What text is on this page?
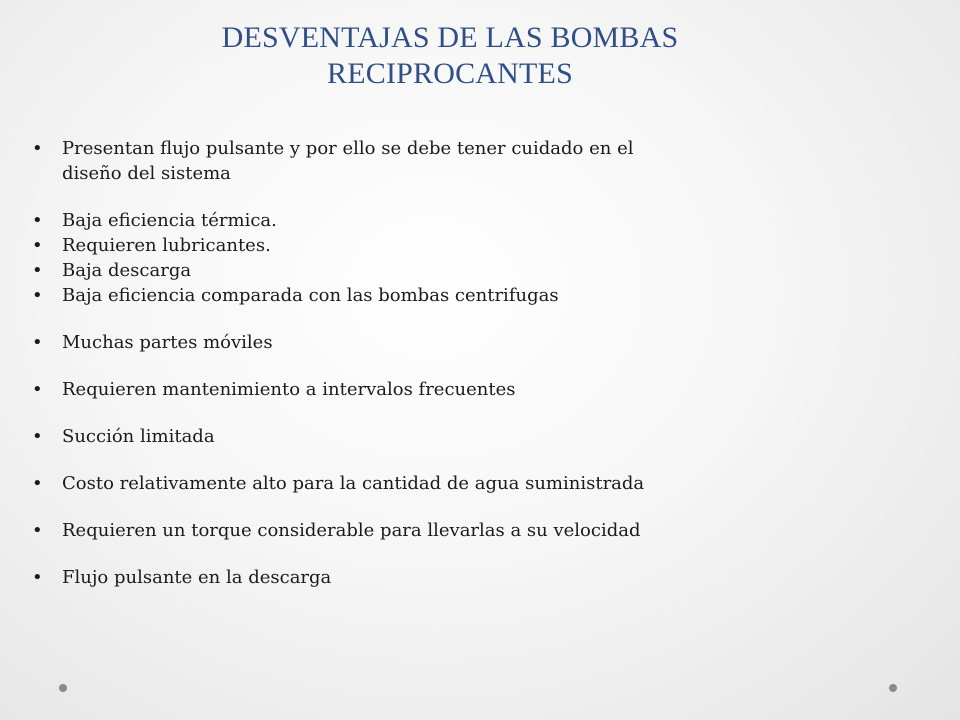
DESVENTAJAS DE LAS BOMBAS
RECIPROCANTES
• Presentan flujo pulsante y por ello se debe tener cuidado en el
diseño del sistema
• Baja eficiencia térmica.
• Requieren lubricantes.
• Baja descarga
• Baja eficiencia comparada con las bombas centrifugas
• Muchas partes móviles
• Requieren mantenimiento a intervalos frecuentes
• Succión limitada
• Costo relativamente alto para la cantidad de agua suministrada
• Requieren un torque considerable para llevarlas a su velocidad
• Flujo pulsante en la descarga
